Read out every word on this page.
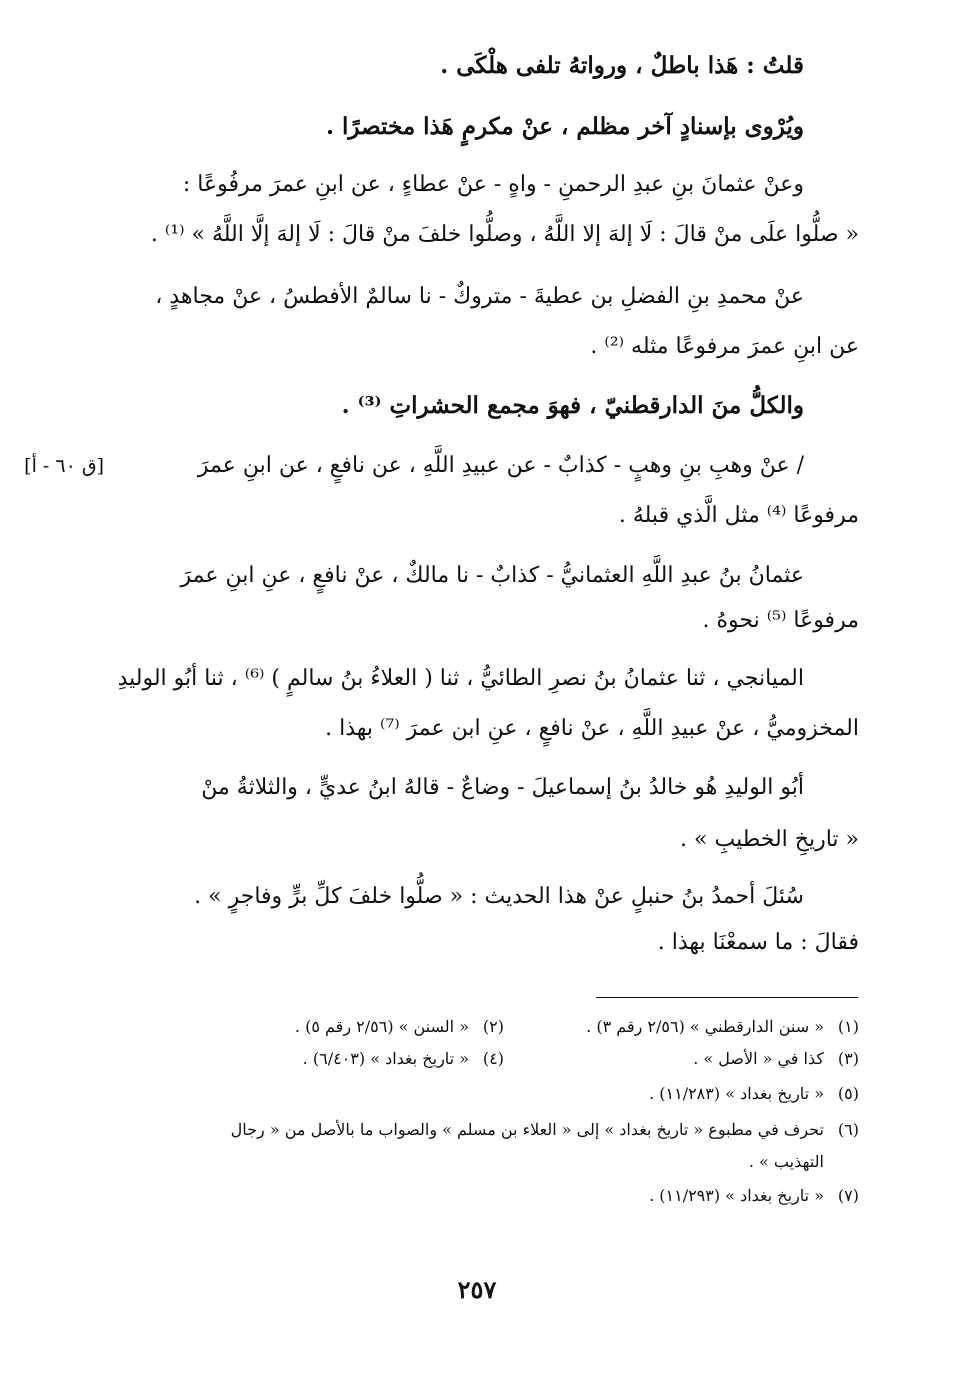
قلتُ : هَذا باطلٌ ، ورواتهُ تلفى هلْكَى .
ويُرْوى بإسنادٍ آخر مظلم ، عنْ مكرمٍ هَذا مختصرًا .
وعنْ عثمانَ بنِ عبدِ الرحمنِ - واهٍ - عنْ عطاءٍ ، عن ابنِ عمرَ مرفُوعًا :
« صلُّوا علَى منْ قالَ : لَا إلهَ إلا اللَّهُ ، وصلُّوا خلفَ منْ قالَ : لَا إلهَ إلَّا اللَّهُ » ⁽¹⁾ .
عنْ محمدِ بنِ الفضلِ بن عطيةَ - متروكٌ - نا سالمٌ الأفطسُ ، عنْ مجاهدٍ ،
عن ابنِ عمرَ مرفوعًا مثله ⁽²⁾ .
والكلُّ منَ الدارقطنيّ ، فهوَ مجمع الحشراتِ ⁽³⁾ .
/ عنْ وهبِ بنِ وهبٍ - كذابٌ - عن عبيدِ اللَّهِ ، عن نافعٍ ، عن ابنِ عمرَ
[ق ٦٠ - أ]
مرفوعًا ⁽⁴⁾ مثل الَّذي قبلهُ .
عثمانُ بنُ عبدِ اللَّهِ العثمانيُّ - كذابٌ - نا مالكٌ ، عنْ نافعٍ ، عنِ ابنِ عمرَ
مرفوعًا ⁽⁵⁾ نحوهُ .
الميانجي ، ثنا عثمانُ بنُ نصرِ الطائيُّ ، ثنا ( العلاءُ بنُ سالمٍ ) ⁽⁶⁾ ، ثنا أبُو الوليدِ
المخزوميُّ ، عنْ عبيدِ اللَّهِ ، عنْ نافعٍ ، عنِ ابن عمرَ ⁽⁷⁾ بهذا .
أبُو الوليدِ هُو خالدُ بنُ إسماعيلَ - وضاعٌ - قالهُ ابنُ عديٍّ ، والثلاثةُ منْ
« تاريخِ الخطيبِ » .
سُئلَ أحمدُ بنُ حنبلٍ عنْ هذا الحديث : « صلُّوا خلفَ كلِّ برٍّ وفاجرٍ » .
فقالَ : ما سمعْنَا بهذا .
(١)
« سنن الدارقطني » (٢/٥٦ رقم ٣) .
(٢)
« السنن » (٢/٥٦ رقم ٥) .
(٣)
كذا في « الأصل » .
(٤)
« تاريخ بغداد » (٦/٤٠٣) .
(٥)
« تاريخ بغداد » (١١/٢٨٣) .
(٦)
تحرف في مطبوع « تاريخ بغداد » إلى « العلاء بن مسلم » والصواب ما بالأصل من « رجال
التهذيب » .
(٧)
« تاريخ بغداد » (١١/٢٩٣) .
٢٥٧
